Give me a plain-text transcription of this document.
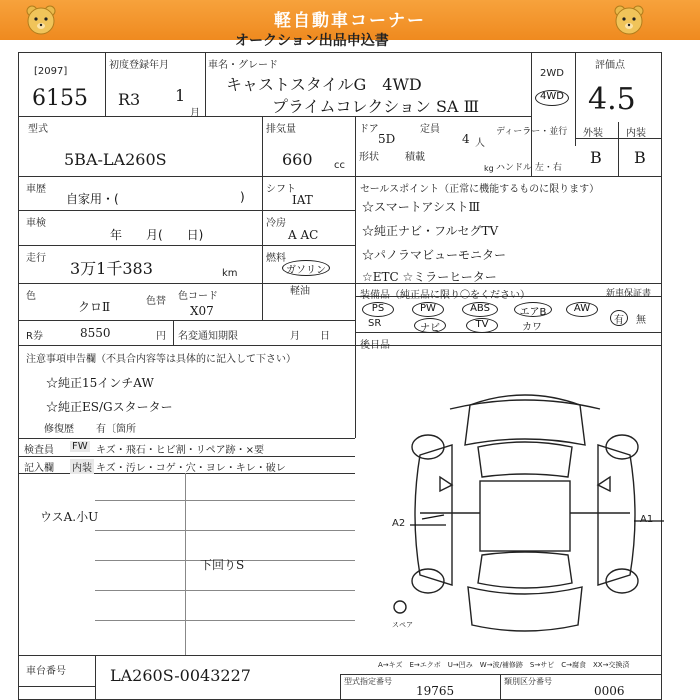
軽自動車コーナー
オークション出品申込書
[2097]
6155
初度登録年月
R3 1
月
車名・グレード
キャストスタイルG　4WD
プライムコレクション SA Ⅲ
2WD
4WD
評価点
4.5
型式
5BA-LA260S
排気量
660 cc
ドア
5D
定員
4 人
形状	積載
kg
ディーラー・並行
ハンドル 左・右
外装 内装
B B
車歴
自家用・(	)
シフト
IAT
車検
年　　月(　　日)
冷房
A AC
走行
3万1千383	km
燃料
ガソリン
軽油
色
クロⅡ	色替 色コード
X07
R券	8550	円 名変通知期限	月　　日
セールスポイント（正常に機能するものに限ります）
☆スマートアシストⅢ
☆純正ナビ・フルセグTV
☆パノラマビューモニター
☆ETC ☆ミラーヒーター
装備品（純正品に限り〇をください）	新車保証書
PS	PW	ABS	エアB	AW
SR	ナビ	TV	カワ
有	無
後日品
注意事項申告欄（不具合内容等は具体的に記入して下さい）
☆純正15インチAW
☆純正ES/Gスターター
修復歴 有〔箇所
検査員
記入欄
FW キズ・飛石・ヒビ割・リペア跡・×要
内装 キズ・汚レ・コゲ・穴・ヨレ・キレ・破レ
ウスA.小U
下回りS
A2	A1
スペア
車台番号	LA260S-0043227
A→キズ　E→エクボ　U→凹み　W→波/補修跡　S→サビ　C→腐食　XX→交換済
型式指定番号
19765
類別区分番号
0006
